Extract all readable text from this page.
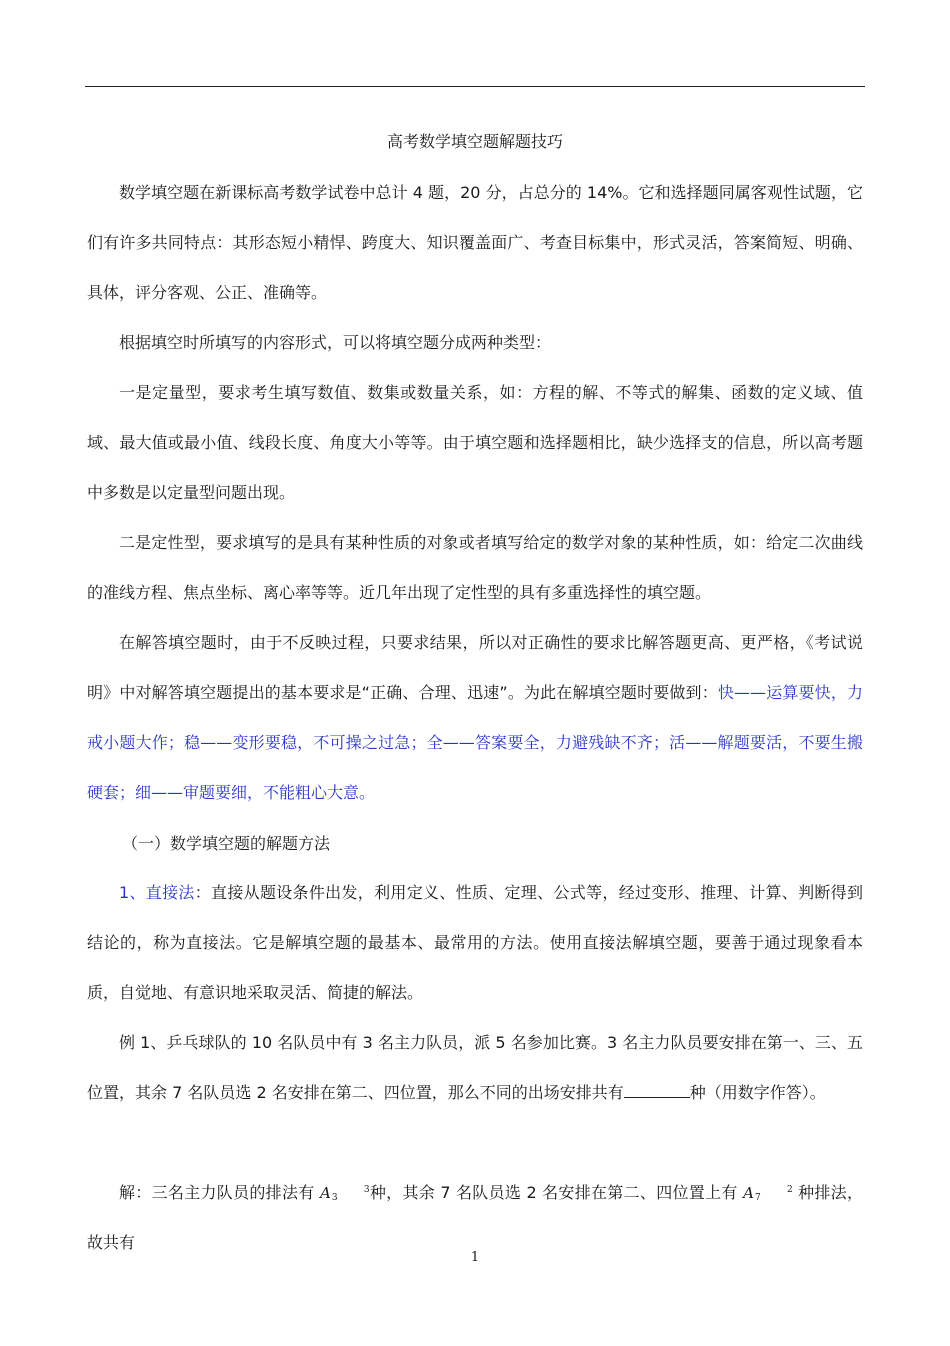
高考数学填空题解题技巧

数学填空题在新课标高考数学试卷中总计 4 题，20 分，占总分的 14%。它和选择题同属客观性试题，它们有许多共同特点：其形态短小精悍、跨度大、知识覆盖面广、考查目标集中，形式灵活，答案简短、明确、具体，评分客观、公正、准确等。

根据填空时所填写的内容形式，可以将填空题分成两种类型：

一是定量型，要求考生填写数值、数集或数量关系，如：方程的解、不等式的解集、函数的定义域、值域、最大值或最小值、线段长度、角度大小等等。由于填空题和选择题相比，缺少选择支的信息，所以高考题中多数是以定量型问题出现。

二是定性型，要求填写的是具有某种性质的对象或者填写给定的数学对象的某种性质，如：给定二次曲线的准线方程、焦点坐标、离心率等等。近几年出现了定性型的具有多重选择性的填空题。

在解答填空题时，由于不反映过程，只要求结果，所以对正确性的要求比解答题更高、更严格，《考试说明》中对解答填空题提出的基本要求是“正确、合理、迅速”。为此在解填空题时要做到：快——运算要快，力戒小题大作；稳——变形要稳，不可操之过急；全——答案要全，力避残缺不齐；活——解题要活，不要生搬硬套；细——审题要细，不能粗心大意。

（一）数学填空题的解题方法

1、直接法：直接从题设条件出发，利用定义、性质、定理、公式等，经过变形、推理、计算、判断得到结论的，称为直接法。它是解填空题的最基本、最常用的方法。使用直接法解填空题，要善于通过现象看本质，自觉地、有意识地采取灵活、简捷的解法。

例 1、乒乓球队的 10 名队员中有 3 名主力队员，派 5 名参加比赛。3 名主力队员要安排在第一、三、五位置，其余 7 名队员选 2 名安排在第二、四位置，那么不同的出场安排共有	种（用数字作答）。

解：三名主力队员的排法有 A	3
3 种，其余 7 名队员选 2 名安排在第二、四位置上有 A	2
7 种排法，故共有

1
